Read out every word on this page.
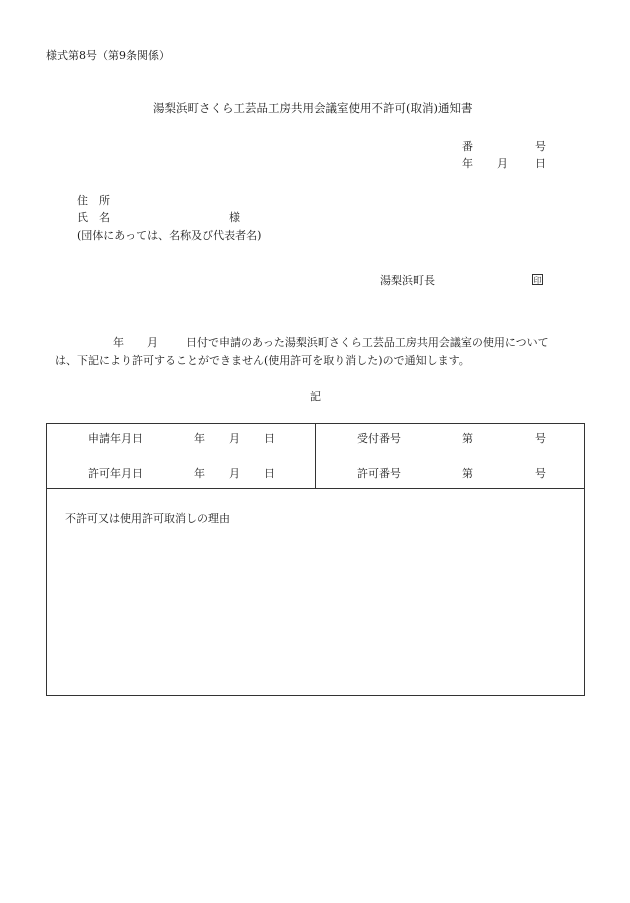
様式第8号（第9条関係）
湯梨浜町さくら工芸品工房共用会議室使用不許可(取消)通知書
番	号
年 月 日
住　所
氏　名	様
(団体にあっては、名称及び代表者名)
湯梨浜町長	印
年 月	日付で申請のあった湯梨浜町さくら工芸品工房共用会議室の使用について
は、下記により許可することができません(使用許可を取り消した)ので通知します。
記
申請年月日	年 月 日	受付番号	第	号
許可年月日	年 月 日	許可番号	第	号
不許可又は使用許可取消しの理由
